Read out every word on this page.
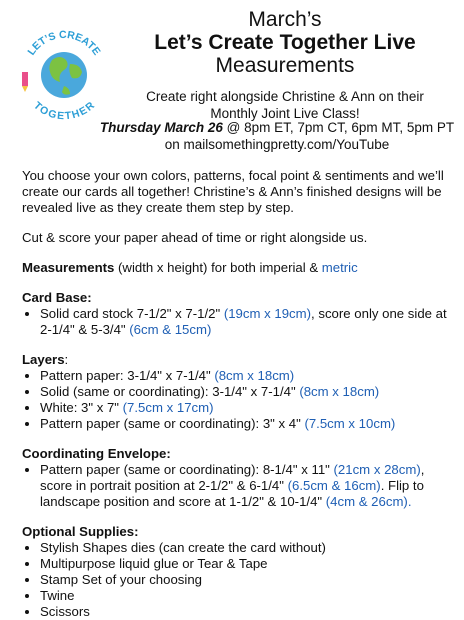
LET’S CREATE
TOGETHER
March’s
Let’s Create Together Live
Measurements
Create right alongside Christine & Ann on their
Monthly Joint Live Class!
Thursday March 26 @ 8pm ET, 7pm CT, 6pm MT, 5pm PT
on mailsomethingpretty.com/YouTube

You choose your own colors, patterns, focal point & sentiments and we’ll create our cards all together! Christine’s & Ann’s finished designs will be revealed live as they create them step by step.

Cut & score your paper ahead of time or right alongside us.

Measurements (width x height) for both imperial & metric
Card Base:
• Solid card stock 7-1/2" x 7-1/2" (19cm x 19cm), score only one side at 2-1/4" & 5-3/4" (6cm & 15cm)
Layers:
• Pattern paper: 3-1/4" x 7-1/4" (8cm x 18cm)
• Solid (same or coordinating): 3-1/4" x 7-1/4" (8cm x 18cm)
• White: 3" x 7" (7.5cm x 17cm)
• Pattern paper (same or coordinating): 3" x 4" (7.5cm x 10cm)
Coordinating Envelope:
• Pattern paper (same or coordinating): 8-1/4" x 11" (21cm x 28cm), score in portrait position at 2-1/2" & 6-1/4" (6.5cm & 16cm). Flip to landscape position and score at 1-1/2" & 10-1/4" (4cm & 26cm).
Optional Supplies:
• Stylish Shapes dies (can create the card without)
• Multipurpose liquid glue or Tear & Tape
• Stamp Set of your choosing
• Twine
• Scissors
